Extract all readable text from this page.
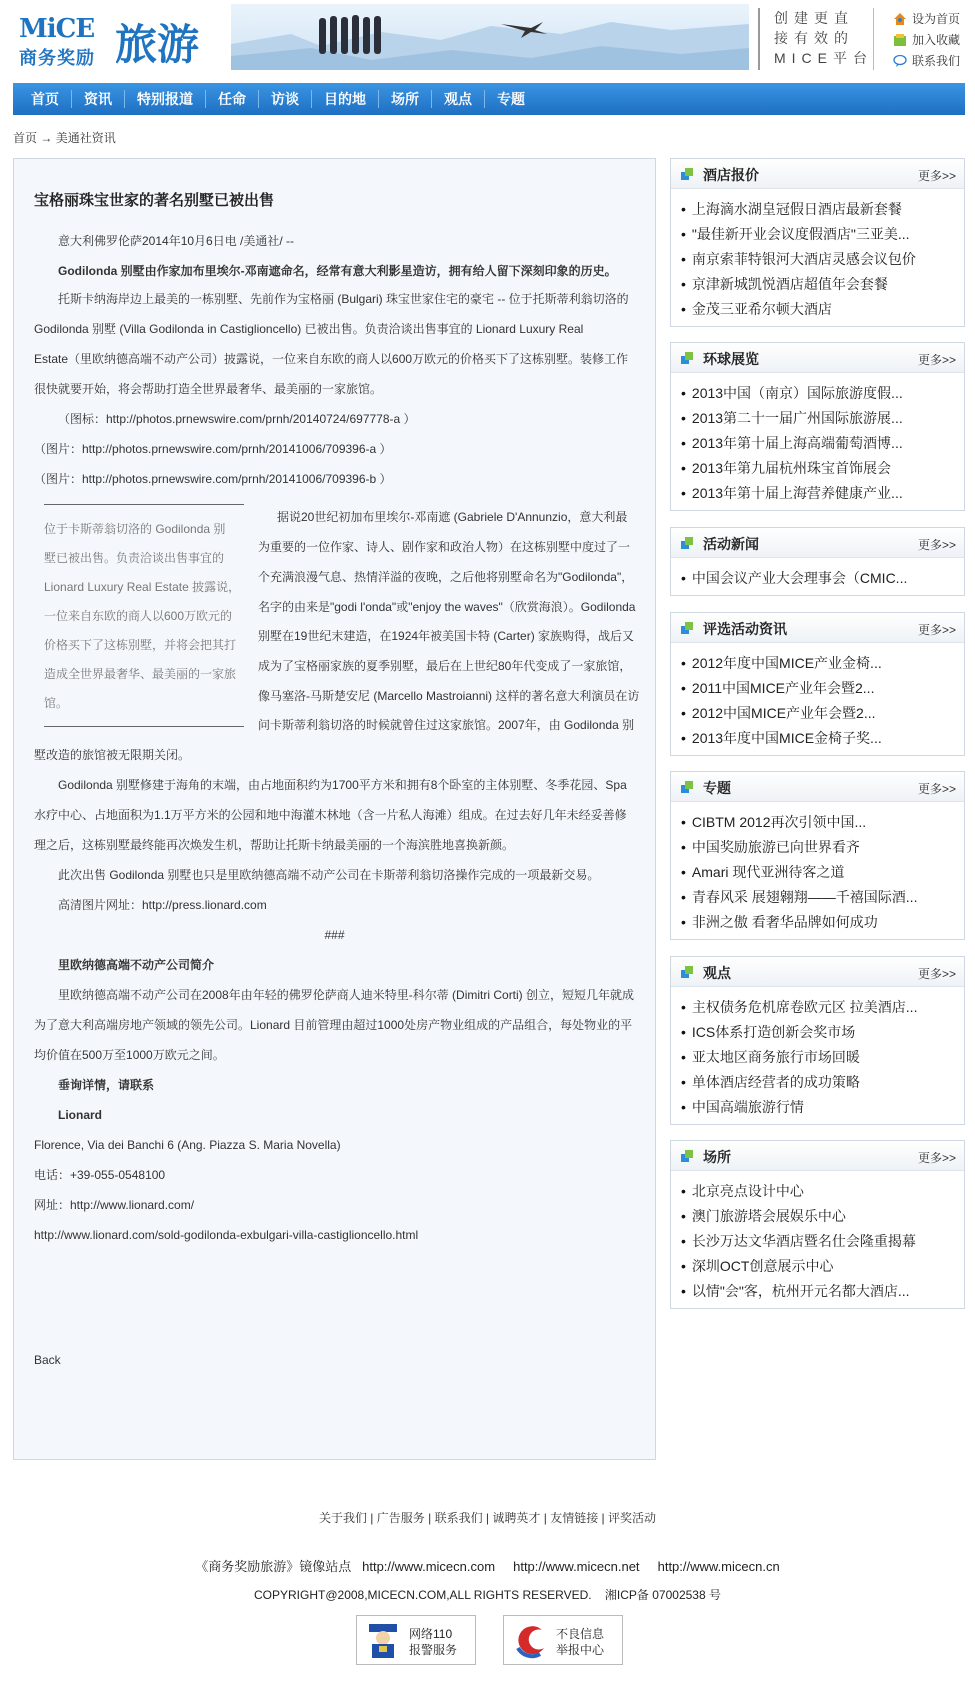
MiCE
商务奖励 旅游
创建更直
接有效的
MICE平台
设为首页
加入收藏
联系我们
首页	资讯	特别报道	任命	访谈	目的地	场所	观点	专题
首页 → 美通社资讯
宝格丽珠宝世家的著名别墅已被出售
意大利佛罗伦萨2014年10月6日电 /美通社/ --
Godilonda 别墅由作家加布里埃尔-邓南遮命名，经常有意大利影星造访，拥有给人留下深刻印象的历史。
托斯卡纳海岸边上最美的一栋别墅、先前作为宝格丽 (Bulgari) 珠宝世家住宅的豪宅 -- 位于托斯蒂利翁切洛的
Godilonda 别墅 (Villa Godilonda in Castiglioncello) 已被出售。负责洽谈出售事宜的 Lionard Luxury Real
Estate（里欧纳德高端不动产公司）披露说，一位来自东欧的商人以600万欧元的价格买下了这栋别墅。装修工作
很快就要开始，将会帮助打造全世界最奢华、最美丽的一家旅馆。
（图标：http://photos.prnewswire.com/prnh/20140724/697778-a ）
（图片：http://photos.prnewswire.com/prnh/20141006/709396-a ）
（图片：http://photos.prnewswire.com/prnh/20141006/709396-b ）
位于卡斯蒂翁切洛的 Godilonda 别
墅已被出售。负责洽谈出售事宜的
Lionard Luxury Real Estate 披露说，
一位来自东欧的商人以600万欧元的
价格买下了这栋别墅，并将会把其打
造成全世界最奢华、最美丽的一家旅
馆。
据说20世纪初加布里埃尔-邓南遮 (Gabriele D'Annunzio，意大利最
为重要的一位作家、诗人、剧作家和政治人物）在这栋别墅中度过了一
个充满浪漫气息、热情洋溢的夜晚，之后他将别墅命名为"Godilonda"，
名字的由来是"godi l'onda"或"enjoy the waves"（欣赏海浪）。Godilonda
别墅在19世纪末建造，在1924年被美国卡特 (Carter) 家族购得，战后又
成为了宝格丽家族的夏季别墅，最后在上世纪80年代变成了一家旅馆，
像马塞洛-马斯楚安尼 (Marcello Mastroianni) 这样的著名意大利演员在访
问卡斯蒂利翁切洛的时候就曾住过这家旅馆。2007年，由 Godilonda 别
墅改造的旅馆被无限期关闭。
Godilonda 别墅修建于海角的末端，由占地面积约为1700平方米和拥有8个卧室的主体别墅、冬季花园、Spa
水疗中心、占地面积为1.1万平方米的公园和地中海灌木林地（含一片私人海滩）组成。在过去好几年未经妥善修
理之后，这栋别墅最终能再次焕发生机，帮助让托斯卡纳最美丽的一个海滨胜地喜换新颜。
此次出售 Godilonda 别墅也只是里欧纳德高端不动产公司在卡斯蒂利翁切洛操作完成的一项最新交易。
高清图片网址：http://press.lionard.com
###
里欧纳德高端不动产公司简介
里欧纳德高端不动产公司在2008年由年轻的佛罗伦萨商人迪米特里-科尔蒂 (Dimitri Corti) 创立，短短几年就成
为了意大利高端房地产领域的领先公司。Lionard 目前管理由超过1000处房产物业组成的产品组合，每处物业的平
均价值在500万至1000万欧元之间。
垂询详情，请联系
Lionard
Florence, Via dei Banchi 6 (Ang. Piazza S. Maria Novella)
电话：+39-055-0548100
网址：http://www.lionard.com/
http://www.lionard.com/sold-godilonda-exbulgari-villa-castiglioncello.html
Back
酒店报价	更多>>
• 上海滴水湖皇冠假日酒店最新套餐
• "最佳新开业会议度假酒店"三亚美...
• 南京索菲特银河大酒店灵感会议包价
• 京津新城凯悦酒店超值年会套餐
• 金茂三亚希尔顿大酒店
环球展览	更多>>
• 2013中国（南京）国际旅游度假...
• 2013第二十一届广州国际旅游展...
• 2013年第十届上海高端葡萄酒博...
• 2013年第九届杭州珠宝首饰展会
• 2013年第十届上海营养健康产业...
活动新闻	更多>>
• 中国会议产业大会理事会（CMIC...
评选活动资讯	更多>>
• 2012年度中国MICE产业金椅...
• 2011中国MICE产业年会暨2...
• 2012中国MICE产业年会暨2...
• 2013年度中国MICE金椅子奖...
专题	更多>>
• CIBTM 2012再次引领中国...
• 中国奖励旅游已向世界看齐
• Amari 现代亚洲待客之道
• 青春风采 展翅翱翔——千禧国际酒...
• 非洲之傲 看奢华品牌如何成功
观点	更多>>
• 主权债务危机席卷欧元区 拉美酒店...
• ICS体系打造创新会奖市场
• 亚太地区商务旅行市场回暖
• 单体酒店经营者的成功策略
• 中国高端旅游行情
场所	更多>>
• 北京亮点设计中心
• 澳门旅游塔会展娱乐中心
• 长沙万达文华酒店暨名仕会隆重揭幕
• 深圳OCT创意展示中心
• 以情"会"客，杭州开元名都大酒店...
关于我们 | 广告服务 | 联系我们 | 诚聘英才 | 友情链接 | 评奖活动
《商务奖励旅游》镜像站点   http://www.micecn.com     http://www.micecn.net     http://www.micecn.cn
COPYRIGHT@2008,MICECN.COM,ALL RIGHTS RESERVED.    湘ICP备 07002538 号
网络110
报警服务
不良信息
举报中心
